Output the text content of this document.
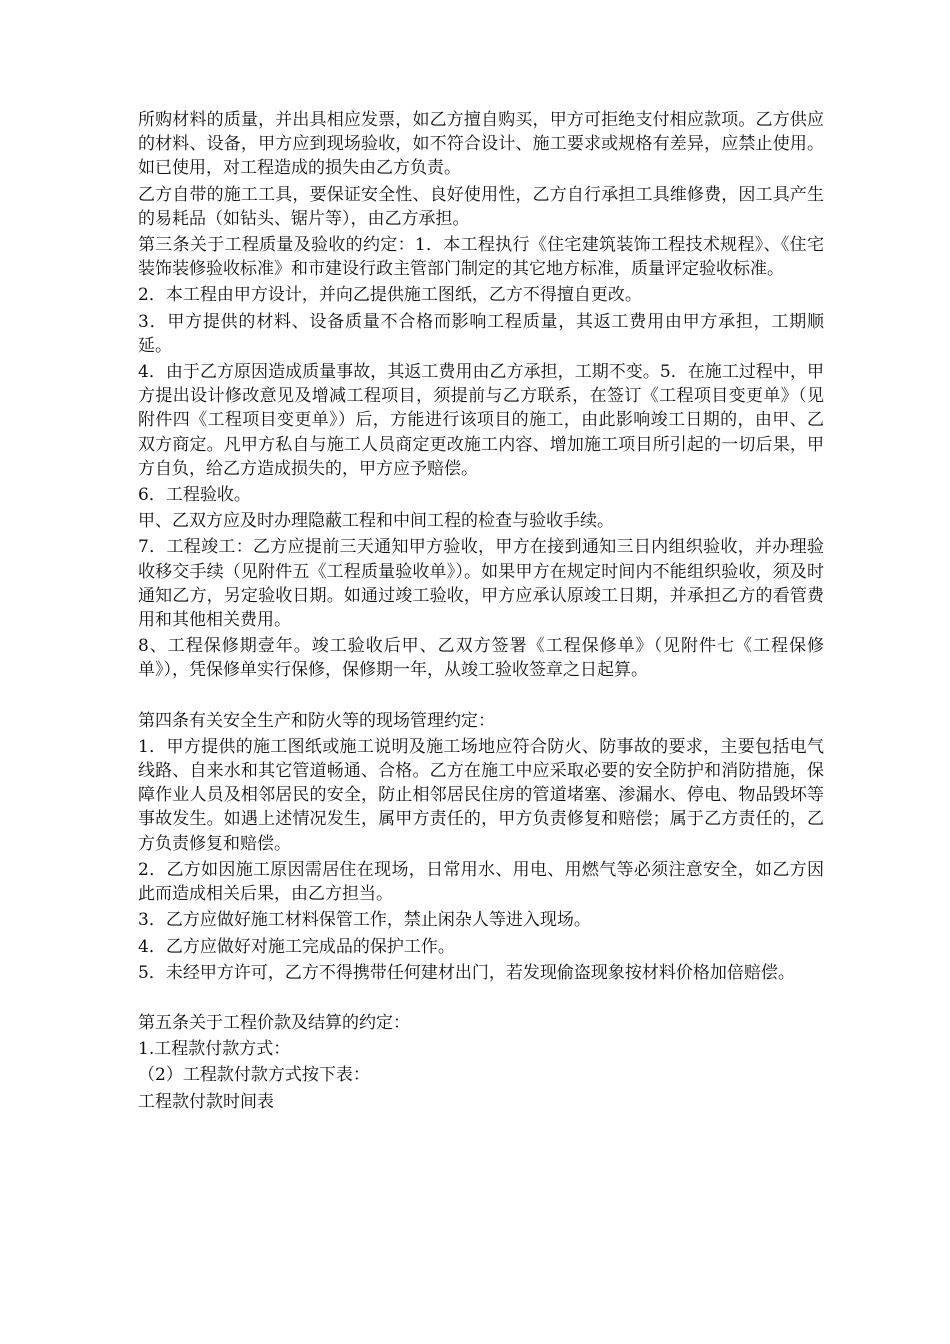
所购材料的质量，并出具相应发票，如乙方擅自购买，甲方可拒绝支付相应款项。乙方供应的材料、设备，甲方应到现场验收，如不符合设计、施工要求或规格有差异，应禁止使用。如已使用，对工程造成的损失由乙方负责。

乙方自带的施工工具，要保证安全性、良好使用性，乙方自行承担工具维修费，因工具产生的易耗品（如钻头、锯片等），由乙方承担。

第三条关于工程质量及验收的约定：1．本工程执行《住宅建筑装饰工程技术规程》、《住宅装饰装修验收标准》和市建设行政主管部门制定的其它地方标准，质量评定验收标准。

2．本工程由甲方设计，并向乙提供施工图纸，乙方不得擅自更改。

3．甲方提供的材料、设备质量不合格而影响工程质量，其返工费用由甲方承担，工期顺延。

4．由于乙方原因造成质量事故，其返工费用由乙方承担，工期不变。5．在施工过程中，甲方提出设计修改意见及增减工程项目，须提前与乙方联系，在签订《工程项目变更单》（见附件四《工程项目变更单》）后，方能进行该项目的施工，由此影响竣工日期的，由甲、乙双方商定。凡甲方私自与施工人员商定更改施工内容、增加施工项目所引起的一切后果，甲方自负，给乙方造成损失的，甲方应予赔偿。

6．工程验收。

甲、乙双方应及时办理隐蔽工程和中间工程的检查与验收手续。

7．工程竣工：乙方应提前三天通知甲方验收，甲方在接到通知三日内组织验收，并办理验收移交手续（见附件五《工程质量验收单》）。如果甲方在规定时间内不能组织验收，须及时通知乙方，另定验收日期。如通过竣工验收，甲方应承认原竣工日期，并承担乙方的看管费用和其他相关费用。

8、工程保修期壹年。竣工验收后甲、乙双方签署《工程保修单》（见附件七《工程保修单》），凭保修单实行保修，保修期一年，从竣工验收签章之日起算。

第四条有关安全生产和防火等的现场管理约定：

1．甲方提供的施工图纸或施工说明及施工场地应符合防火、防事故的要求，主要包括电气线路、自来水和其它管道畅通、合格。乙方在施工中应采取必要的安全防护和消防措施，保障作业人员及相邻居民的安全，防止相邻居民住房的管道堵塞、渗漏水、停电、物品毁坏等事故发生。如遇上述情况发生，属甲方责任的，甲方负责修复和赔偿；属于乙方责任的，乙方负责修复和赔偿。

2．乙方如因施工原因需居住在现场，日常用水、用电、用燃气等必须注意安全，如乙方因此而造成相关后果，由乙方担当。

3．乙方应做好施工材料保管工作，禁止闲杂人等进入现场。

4．乙方应做好对施工完成品的保护工作。

5．未经甲方许可，乙方不得携带任何建材出门，若发现偷盗现象按材料价格加倍赔偿。

第五条关于工程价款及结算的约定：

1.工程款付款方式：

（2）工程款付款方式按下表：

工程款付款时间表
